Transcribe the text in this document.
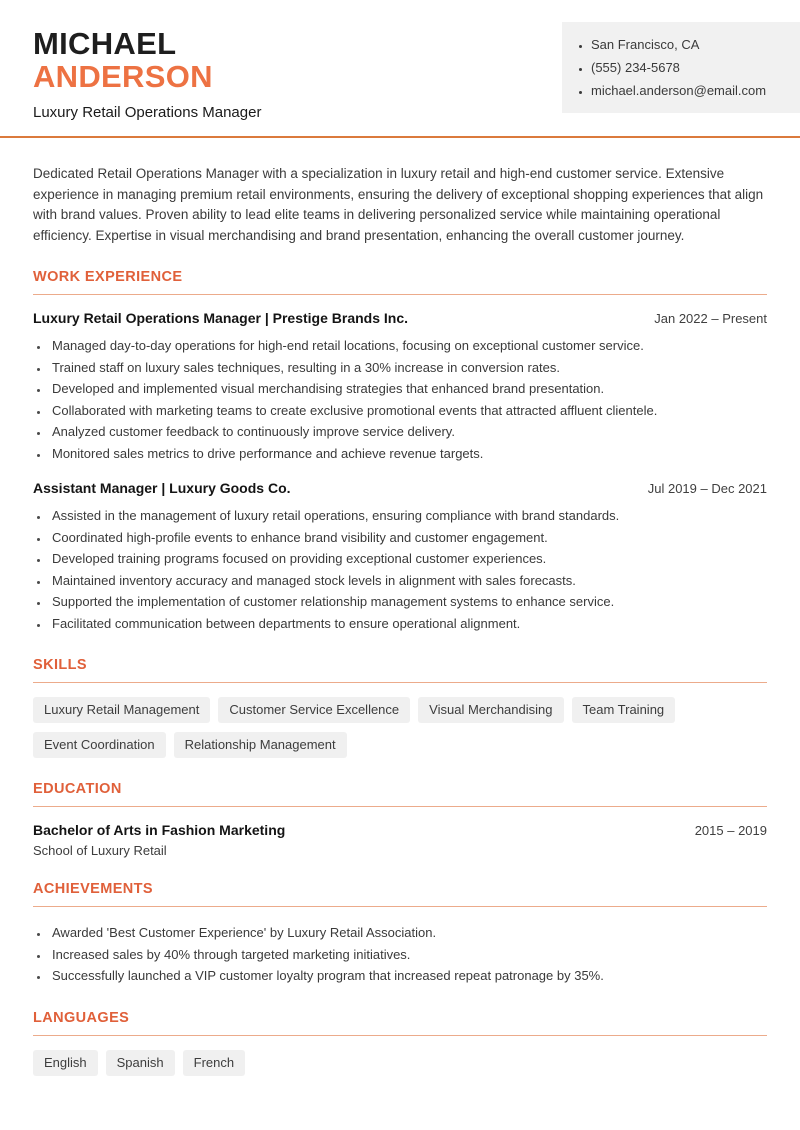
MICHAEL
ANDERSON
Luxury Retail Operations Manager
• San Francisco, CA
• (555) 234-5678
• michael.anderson@email.com

Dedicated Retail Operations Manager with a specialization in luxury retail and high-end customer service. Extensive experience in managing premium retail environments, ensuring the delivery of exceptional shopping experiences that align with brand values. Proven ability to lead elite teams in delivering personalized service while maintaining operational efficiency. Expertise in visual merchandising and brand presentation, enhancing the overall customer journey.

WORK EXPERIENCE
Luxury Retail Operations Manager | Prestige Brands Inc.	Jan 2022 – Present
• Managed day-to-day operations for high-end retail locations, focusing on exceptional customer service.
• Trained staff on luxury sales techniques, resulting in a 30% increase in conversion rates.
• Developed and implemented visual merchandising strategies that enhanced brand presentation.
• Collaborated with marketing teams to create exclusive promotional events that attracted affluent clientele.
• Analyzed customer feedback to continuously improve service delivery.
• Monitored sales metrics to drive performance and achieve revenue targets.
Assistant Manager | Luxury Goods Co.	Jul 2019 – Dec 2021
• Assisted in the management of luxury retail operations, ensuring compliance with brand standards.
• Coordinated high-profile events to enhance brand visibility and customer engagement.
• Developed training programs focused on providing exceptional customer experiences.
• Maintained inventory accuracy and managed stock levels in alignment with sales forecasts.
• Supported the implementation of customer relationship management systems to enhance service.
• Facilitated communication between departments to ensure operational alignment.
SKILLS
Luxury Retail Management	Customer Service Excellence	Visual Merchandising	Team Training
Event Coordination	Relationship Management
EDUCATION
Bachelor of Arts in Fashion Marketing	2015 – 2019
School of Luxury Retail
ACHIEVEMENTS
• Awarded 'Best Customer Experience' by Luxury Retail Association.
• Increased sales by 40% through targeted marketing initiatives.
• Successfully launched a VIP customer loyalty program that increased repeat patronage by 35%.
LANGUAGES
English	Spanish	French
